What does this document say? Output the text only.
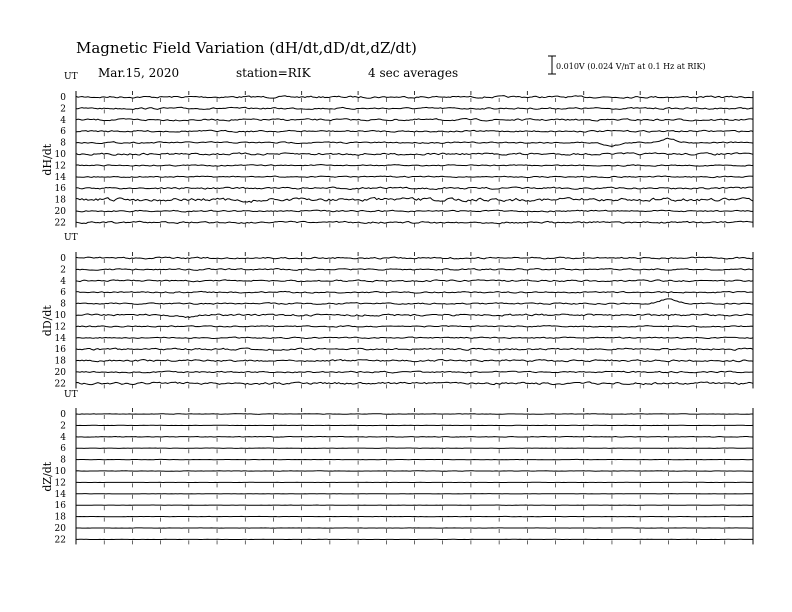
Magnetic Field Variation (dH/dt,dD/dt,dZ/dt)
Mar.15, 2020	station=RIK	4 sec averages	0.010V (0.024 V/nT at 0.1 Hz at RIK)
UT
dH/dt
0
2
4
6
8
10
12
14
16
18
20
22
UT
dD/dt
0
2
4
6
8
10
12
14
16
18
20
22
UT
dZ/dt
0
2
4
6
8
10
12
14
16
18
20
22
